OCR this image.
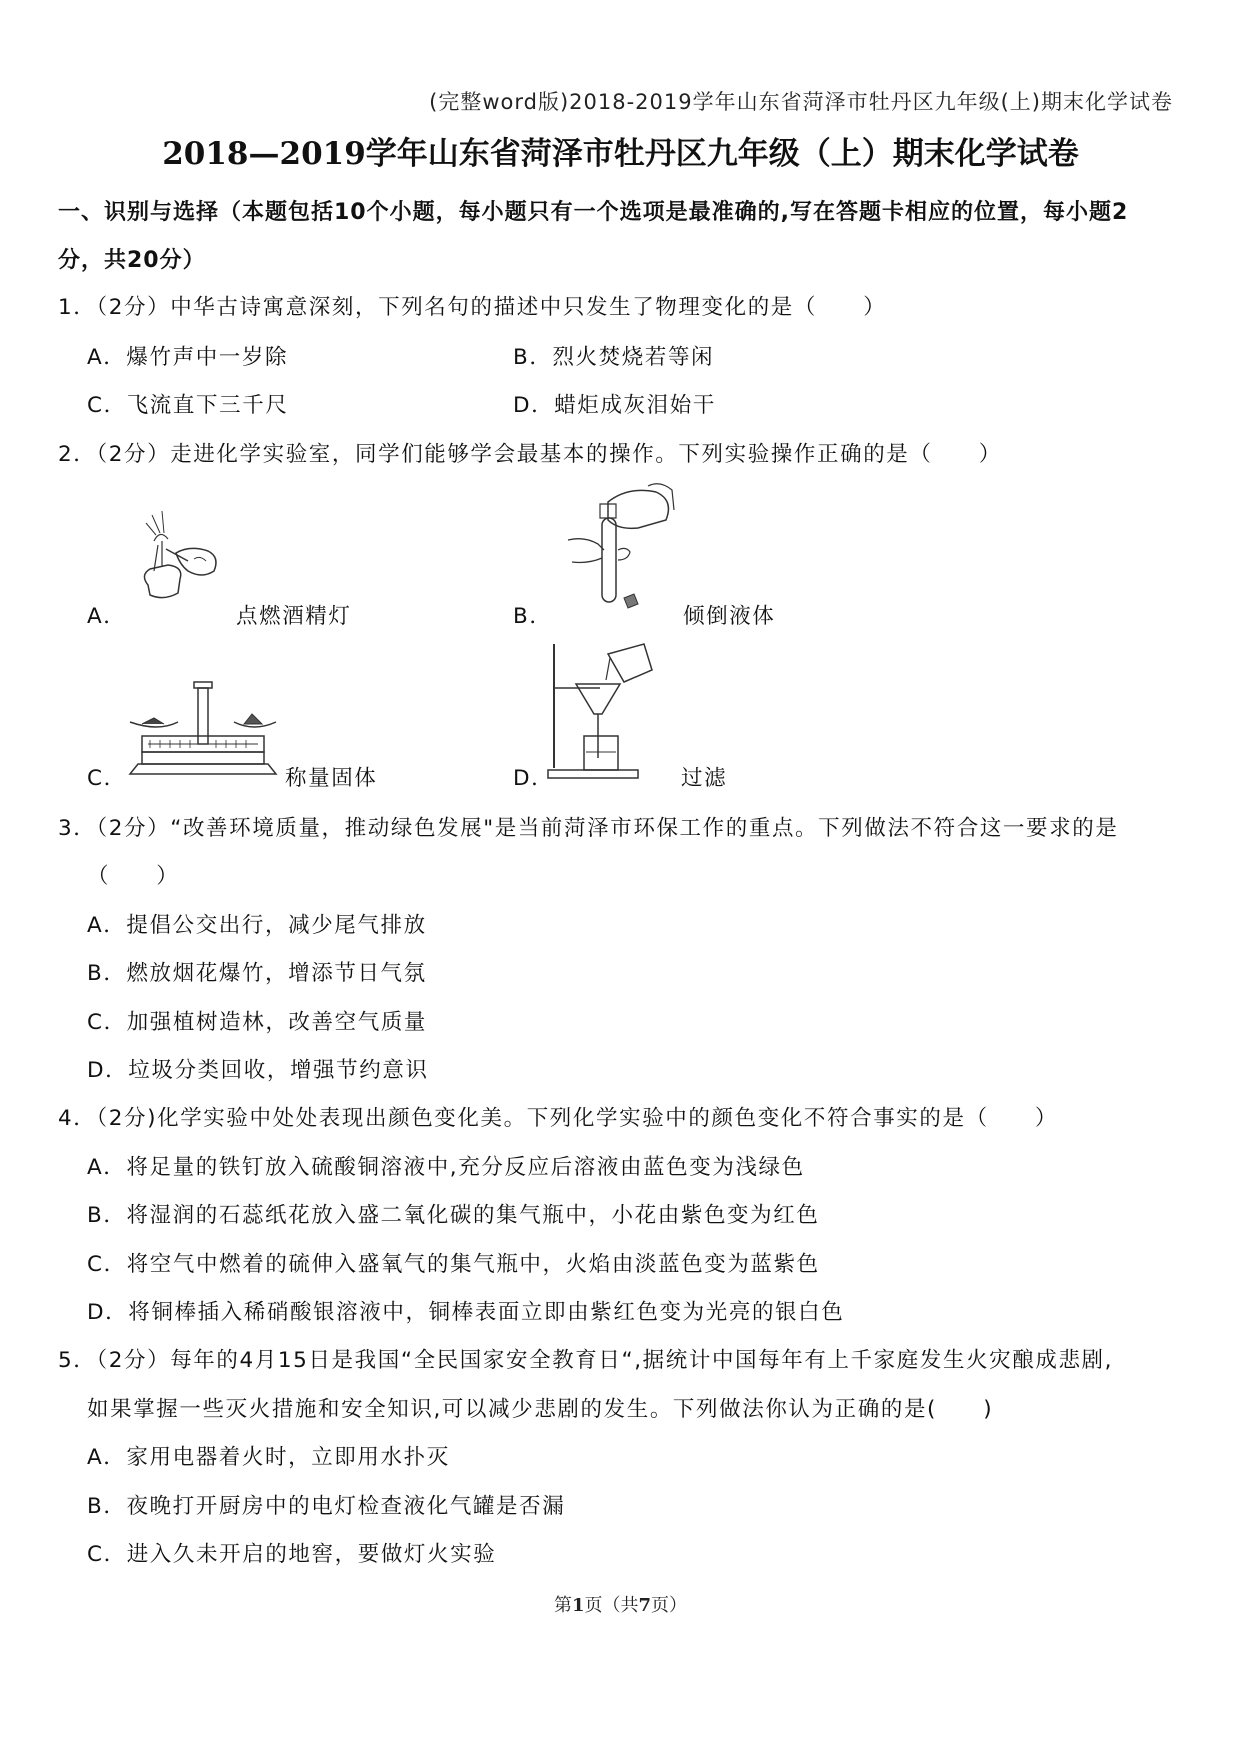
(完整word版)2018-2019学年山东省菏泽市牡丹区九年级(上)期末化学试卷
2018—2019学年山东省菏泽市牡丹区九年级（上）期末化学试卷
一、识别与选择（本题包括10个小题，每小题只有一个选项是最准确的,写在答题卡相应的位置，每小题2
分，共20分）
1．（2分）中华古诗寓意深刻，下列名句的描述中只发生了物理变化的是（　　）
A．爆竹声中一岁除	B．烈火焚烧若等闲
C．飞流直下三千尺	D．蜡炬成灰泪始干
2．（2分）走进化学实验室，同学们能够学会最基本的操作。下列实验操作正确的是（　　）
A．	点燃酒精灯	B．	倾倒液体
C．	称量固体	D．	过滤
3．（2分）“改善环境质量，推动绿色发展"是当前菏泽市环保工作的重点。下列做法不符合这一要求的是
（　　）
A．提倡公交出行，减少尾气排放
B．燃放烟花爆竹，增添节日气氛
C．加强植树造林，改善空气质量
D．垃圾分类回收，增强节约意识
4．（2分)化学实验中处处表现出颜色变化美。下列化学实验中的颜色变化不符合事实的是（　　）
A．将足量的铁钉放入硫酸铜溶液中,充分反应后溶液由蓝色变为浅绿色
B．将湿润的石蕊纸花放入盛二氧化碳的集气瓶中，小花由紫色变为红色
C．将空气中燃着的硫伸入盛氧气的集气瓶中，火焰由淡蓝色变为蓝紫色
D．将铜棒插入稀硝酸银溶液中，铜棒表面立即由紫红色变为光亮的银白色
5．（2分）每年的4月15日是我国“全民国家安全教育日“,据统计中国每年有上千家庭发生火灾酿成悲剧,
如果掌握一些灭火措施和安全知识,可以减少悲剧的发生。下列做法你认为正确的是(　　)
A．家用电器着火时，立即用水扑灭
B．夜晚打开厨房中的电灯检查液化气罐是否漏
C．进入久未开启的地窖，要做灯火实验
第1页（共7页）
